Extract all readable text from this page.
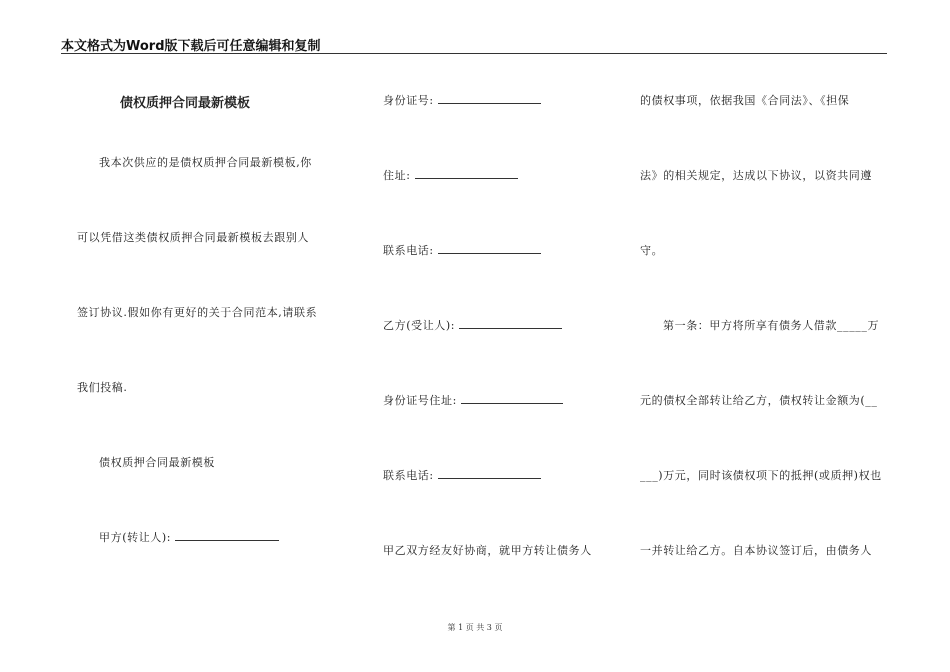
本文格式为Word版下载后可任意编辑和复制
债权质押合同最新模板
我本次供应的是债权质押合同最新模板,你
可以凭借这类债权质押合同最新模板去跟别人
签订协议.假如你有更好的关于合同范本,请联系
我们投稿.
债权质押合同最新模板
甲方(转让人):
身份证号:
住址:
联系电话:
乙方(受让人):
身份证号住址:
联系电话:
甲乙双方经友好协商，就甲方转让债务人
的债权事项，依据我国《合同法》、《担保
法》的相关规定，达成以下协议，以资共同遵
守。
第一条：甲方将所享有债务人借款_____万
元的债权全部转让给乙方，债权转让金额为(__
___)万元，同时该债权项下的抵押(或质押)权也
一并转让给乙方。自本协议签订后，由债务人
第 1 页 共 3 页
